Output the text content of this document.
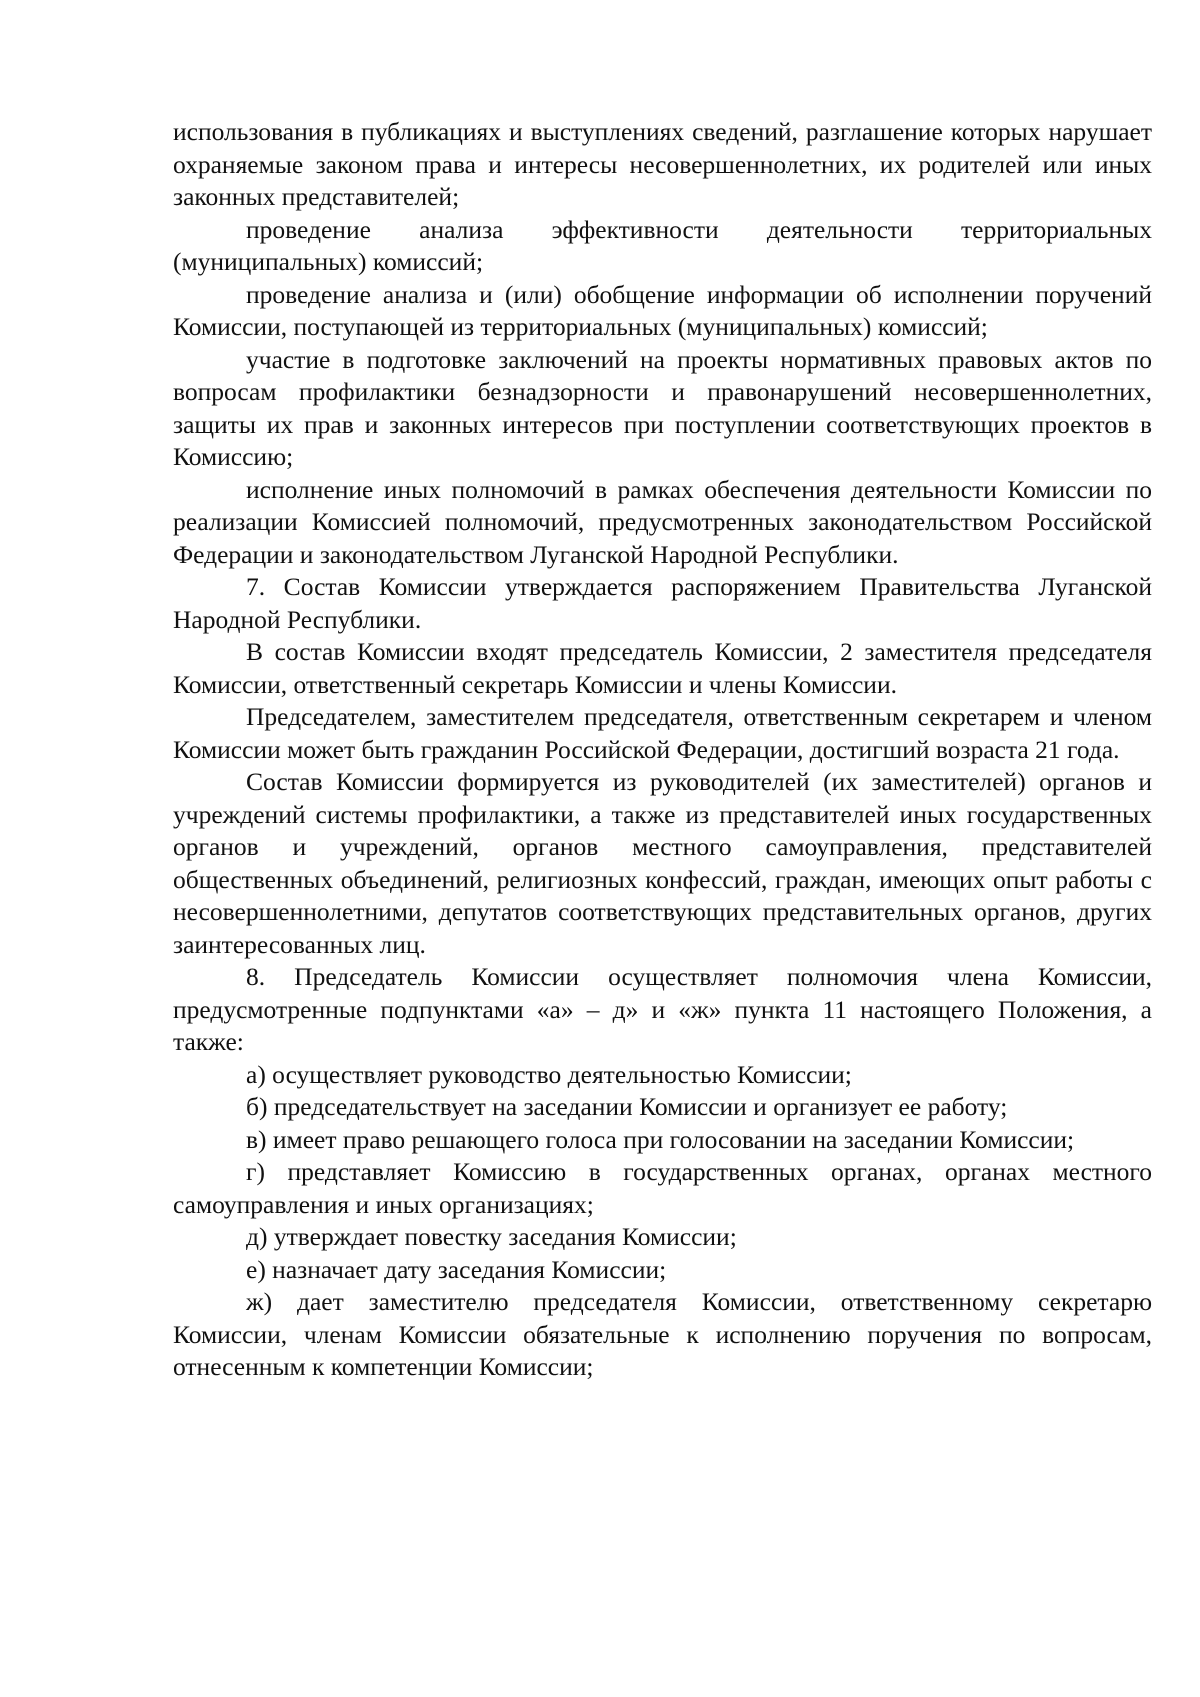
использования в публикациях и выступлениях сведений, разглашение которых нарушает охраняемые законом права и интересы несовершеннолетних, их родителей или иных законных представителей;

проведение анализа эффективности деятельности территориальных (муниципальных) комиссий;

проведение анализа и (или) обобщение информации об исполнении поручений Комиссии, поступающей из территориальных (муниципальных) комиссий;

участие в подготовке заключений на проекты нормативных правовых актов по вопросам профилактики безнадзорности и правонарушений несовершеннолетних, защиты их прав и законных интересов при поступлении соответствующих проектов в Комиссию;

исполнение иных полномочий в рамках обеспечения деятельности Комиссии по реализации Комиссией полномочий, предусмотренных законодательством Российской Федерации и законодательством Луганской Народной Республики.

7. Состав Комиссии утверждается распоряжением Правительства Луганской Народной Республики.

В состав Комиссии входят председатель Комиссии, 2 заместителя председателя Комиссии, ответственный секретарь Комиссии и члены Комиссии.

Председателем, заместителем председателя, ответственным секретарем и членом Комиссии может быть гражданин Российской Федерации, достигший возраста 21 года.

Состав Комиссии формируется из руководителей (их заместителей) органов и учреждений системы профилактики, а также из представителей иных государственных органов и учреждений, органов местного самоуправления, представителей общественных объединений, религиозных конфессий, граждан, имеющих опыт работы с несовершеннолетними, депутатов соответствующих представительных органов, других заинтересованных лиц.

8. Председатель Комиссии осуществляет полномочия члена Комиссии, предусмотренные подпунктами «а» – д» и «ж» пункта 11 настоящего Положения, а также:

а) осуществляет руководство деятельностью Комиссии;

б) председательствует на заседании Комиссии и организует ее работу;

в) имеет право решающего голоса при голосовании на заседании Комиссии;

г) представляет Комиссию в государственных органах, органах местного самоуправления и иных организациях;

д) утверждает повестку заседания Комиссии;

е) назначает дату заседания Комиссии;

ж) дает заместителю председателя Комиссии, ответственному секретарю Комиссии, членам Комиссии обязательные к исполнению поручения по вопросам, отнесенным к компетенции Комиссии;
